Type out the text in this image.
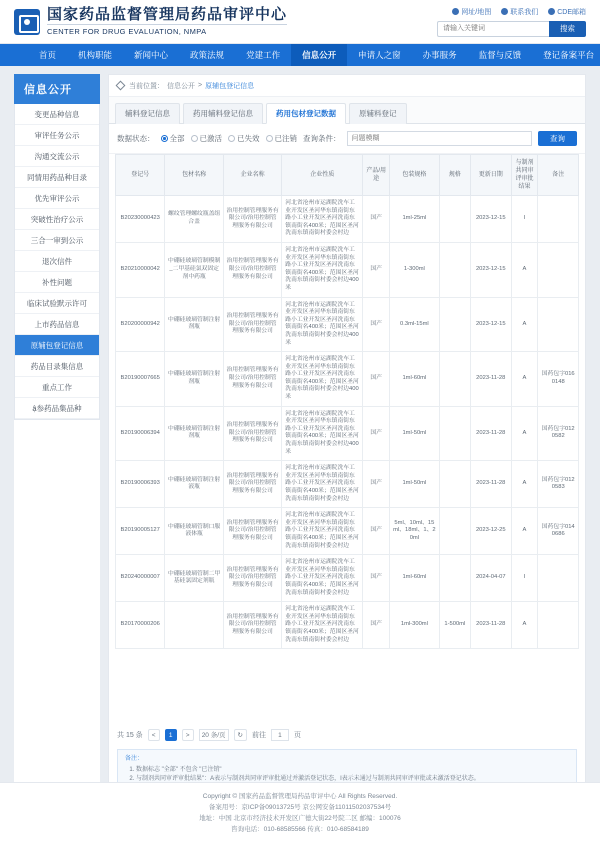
国家药品监督管理局药品审评中心
CENTER FOR DRUG EVALUATION, NMPA
网址/地图	联系我们	CDE邮箱
请输入关键词
搜索
首页	机构职能	新闻中心	政策法规	党建工作	信息公开	申请人之窗	办事服务	监督与反馈	登记备案平台
信息公开
变更品种信息
审评任务公示
沟通交流公示
同情用药品种目录
优先审评公示
突破性治疗公示
三合一审到公示
退次信件
补性问题
临床试验默示许可
上市药品信息
原辅包登记信息
药品目录集信息
重点工作
ậ参药品集品种
当前位置： 信息公开 > 原辅包登记信息
辅料登记信息	药用辅料登记信息	药用包材登记数据	原辅料登记
数据状态： 全部 已激活 已失效 已注销 查询条件：
问题模糊	查询
登记号	包材名称	企业名称	企业性质	产品/用途	包装规格	规格	更新日期	与制剂共同审评审批结果	备注
B20230000423	螺纹管理螺纹瓶盖组合盖	治用控制管理服务有限公司/治用控制管理服务有限公司	河北省沧州市运湖院洗车工业开发区圣河华东镇南街东路小工业开发区圣河洗南东镇南街名400米；范围区圣河洗南东镇南街村委会村边	国产	1ml-25ml		2023-12-15	I	
B20210000042	中硼硅玻璃管制模制_二甲基硅氯双固定剂中药瓶	治用控制管理服务有限公司/治用控制管理服务有限公司	河北省沧州市运湖院洗车工业开发区圣河华东镇南街东路小工业开发区圣河洗南东镇南街名400米；范围区圣河洗南东镇南街村委会村边400米	国产	1-300ml		2023-12-15	A	
B20200000942	中硼硅玻璃管制注射剂瓶	治用控制管理服务有限公司/治用控制管理服务有限公司	河北省沧州市运湖院洗车工业开发区圣河华东镇南街东路小工业开发区圣河洗南东镇南街名400米；范围区圣河洗南东镇南街村委会村边400米	国产	0.3ml-15ml		2023-12-15	A	
B20190007665	中硼硅玻璃管制注射剂瓶	治用控制管理服务有限公司/治用控制管理服务有限公司	河北省沧州市运湖院洗车工业开发区圣河华东镇南街东路小工业开发区圣河洗南东镇南街名400米；范围区圣河洗南东镇南街村委会村边400米	国产	1ml-60ml		2023-11-28	A	国药包字0160148
B20190006394	中硼硅玻璃管制注射剂瓶	治用控制管理服务有限公司/治用控制管理服务有限公司	河北省沧州市运湖院洗车工业开发区圣河华东镇南街东路小工业开发区圣河洗南东镇南街名400米；范围区圣河洗南东镇南街村委会村边400米	国产	1ml-50ml		2023-11-28	A	国药包字0120582
B20190006393	中硼硅玻璃管制注射液瓶	治用控制管理服务有限公司/治用控制管理服务有限公司	河北省沧州市运湖院洗车工业开发区圣河华东镇南街东路小工业开发区圣河洗南东镇南街名400米；范围区圣河洗南东镇南街村委会村边	国产	1ml-50ml		2023-11-28	A	国药包字0120583
B20190005127	中硼硅玻璃管制口服液体瓶	治用控制管理服务有限公司/治用控制管理服务有限公司	河北省沧州市运湖院洗车工业开发区圣河华东镇南街东路小工业开发区圣河洗南东镇南街名400米；范围区圣河洗南东镇南街村委会村边	国产	5ml、10ml、15ml、18ml、1、20ml		2023-12-25	A	国药包字0140686
B20240000007	中硼硅玻璃管制二甲基硅氯固定剂瓶	治用控制管理服务有限公司/治用控制管理服务有限公司	河北省沧州市运湖院洗车工业开发区圣河华东镇南街东路小工业开发区圣河洗南东镇南街名400米；范围区圣河洗南东镇南街村委会村边	国产	1ml-60ml		2024-04-07	I	
B20170000206		治用控制管理服务有限公司/治用控制管理服务有限公司	河北省沧州市运湖院洗车工业开发区圣河华东镇南街东路小工业开发区圣河洗南东镇南街名400米；范围区圣河洗南东镇南街村委会村边	国产	1ml-300ml	1-500ml	2023-11-28	A	
共 15 条	<	1	>	20 条/页	↻	前往
1	页
备注：
1. 数据标志 "全部" 不包含 "已注销"
2. 与制剂共同审评审批结果"：A表示与制剂共同审评审批通过并激活登记状态，I表示未通过与制剂共同审评审批或未激活登记状态。
Copyright © 国家药品监督管理局药品审评中心 All Rights Reserved.
备案用号：京ICP备09013725号 京公网安备11011502037534号
地址：中国 北京市经济技术开发区广德大街22号院二区 邮编：100076
咨询电话：010-68585566 传真：010-68584189
